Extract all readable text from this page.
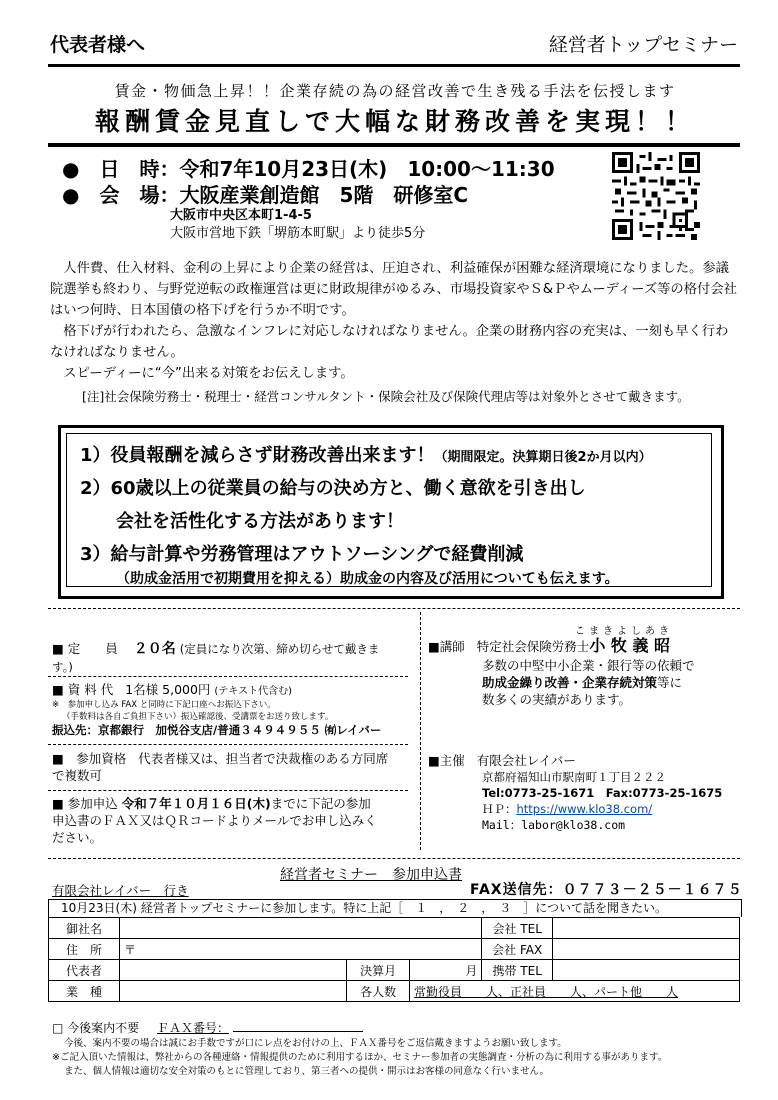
代表者様へ	経営者トップセミナー
賃金・物価急上昇！！企業存続の為の経営改善で生き残る手法を伝授します
報酬賃金見直しで大幅な財務改善を実現！！
●　日　時：令和7年10月23日(木)　10:00〜11:30
●　会　場：大阪産業創造館　5階　研修室C
大阪市中央区本町1-4-5
大阪市営地下鉄「堺筋本町駅」より徒歩5分

　人件費、仕入材料、金利の上昇により企業の経営は、圧迫され、利益確保が困難な経済環境になりました。参議院選挙も終わり、与野党逆転の政権運営は更に財政規律がゆるみ、市場投資家やＳ&Ｐやムーディーズ等の格付会社はいつ何時、日本国債の格下げを行うか不明です。

　格下げが行われたら、急激なインフレに対応しなければなりません。企業の財務内容の充実は、一刻も早く行わなければなりません。

　スピーディーに“今”出来る対策をお伝えします。

[注]社会保険労務士・税理士・経営コンサルタント・保険会社及び保険代理店等は対象外とさせて戴きます。
1）役員報酬を減らさず財務改善出来ます！（期間限定。決算期日後2か月以内）
2）60歳以上の従業員の給与の決め方と、働く意欲を引き出し
会社を活性化する方法があります！
3）給与計算や労務管理はアウトソーシングで経費削減
（助成金活用で初期費用を抑える）助成金の内容及び活用についても伝えます。
■ 定　　員 ２０名 (定員になり次第、締め切らせて戴きます。)
■ 資 料 代 1名様 5,000円 (テキスト代含む)
※　参加申し込み FAX と同時に下記口座へお振込下さい。
（手数料は各自ご負担下さい）振込確認後、受講票をお送り致します。
振込先：京都銀行　加悦谷支店/普通３４９４９５５ ㈲レイバー
■　参加資格 代表者様又は、担当者で決裁権のある方同席で複数可
■ 参加申込 令和７年１０月１６日(木)までに下記の参加申込書のＦＡＸ又はＱＲコードよりメールでお申し込みください。
こまきよしあき
■講師 特定社会保険労務士小 牧 義 昭
多数の中堅中小企業・銀行等の依頼で
助成金繰り改善・企業存続対策等に
数多くの実績があります。
■主催 有限会社レイバー
京都府福知山市駅南町１丁目２２２
Tel:0773-25-1671　Fax:0773-25-1675
ＨＰ：https://www.klo38.com/
Mail：labor@klo38.com
経営者セミナー　参加申込書
有限会社レイバー　行き	FAX送信先：０７７３－２５－１６７５
　10月23日(木) 経営者トップセミナーに参加します。特に上記［　１　，　２　，　３　］について話を聞きたい。
御社名				会社 TEL	
住　所	〒			会社 FAX	
代表者		決算月	月	携帯 TEL	
業　種		各人数	常勤役員　　人、正社員　　人、パート他　　人		
□ 今後案内不要 ＦＡＸ番号：
今後、案内不要の場合は誠にお手数ですが口にレ点をお付けの上、ＦＡＸ番号をご返信戴きますようお願い致します。
※ご記入頂いた情報は、弊社からの各種連絡・情報提供のために利用するほか、セミナー参加者の実態調査・分析の為に利用する事があります。
また、個人情報は適切な安全対策のもとに管理しており、第三者への提供・開示はお客様の同意なく行いません。
